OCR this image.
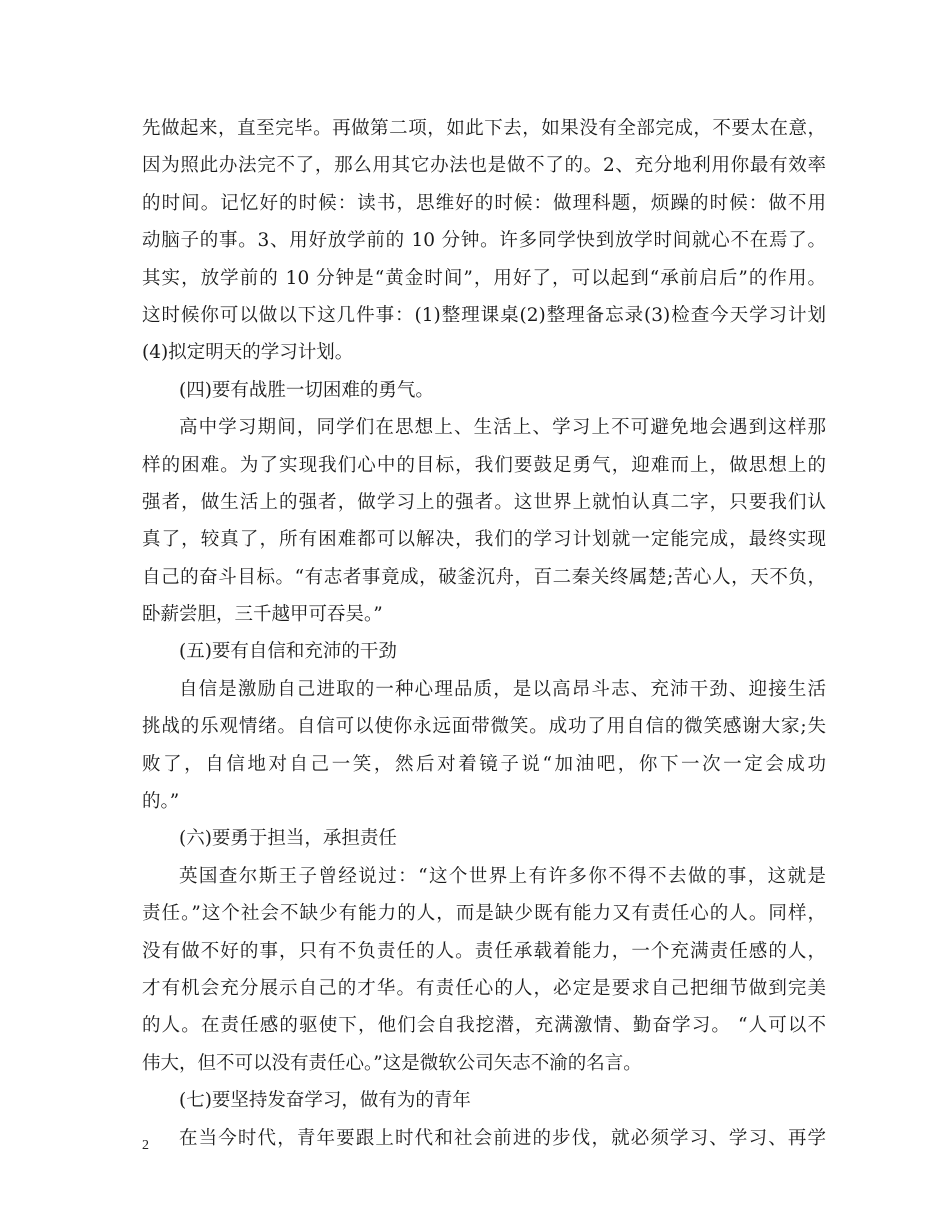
先做起来，直至完毕。再做第二项，如此下去，如果没有全部完成，不要太在意，
因为照此办法完不了，那么用其它办法也是做不了的。2、充分地利用你最有效率
的时间。记忆好的时候：读书，思维好的时候：做理科题，烦躁的时候：做不用
动脑子的事。3、用好放学前的 10 分钟。许多同学快到放学时间就心不在焉了。
其实，放学前的 10 分钟是“黄金时间”，用好了，可以起到“承前启后”的作用。
这时候你可以做以下这几件事：(1)整理课桌(2)整理备忘录(3)检查今天学习计划
(4)拟定明天的学习计划。
(四)要有战胜一切困难的勇气。
高中学习期间，同学们在思想上、生活上、学习上不可避免地会遇到这样那
样的困难。为了实现我们心中的目标，我们要鼓足勇气，迎难而上，做思想上的
强者，做生活上的强者，做学习上的强者。这世界上就怕认真二字，只要我们认
真了，较真了，所有困难都可以解决，我们的学习计划就一定能完成，最终实现
自己的奋斗目标。“有志者事竟成，破釜沉舟，百二秦关终属楚;苦心人，天不负，
卧薪尝胆，三千越甲可吞吴。”
(五)要有自信和充沛的干劲
自信是激励自己进取的一种心理品质，是以高昂斗志、充沛干劲、迎接生活
挑战的乐观情绪。自信可以使你永远面带微笑。成功了用自信的微笑感谢大家;失
败了，自信地对自己一笑，然后对着镜子说“加油吧，你下一次一定会成功
的。”
(六)要勇于担当，承担责任
英国查尔斯王子曾经说过：“这个世界上有许多你不得不去做的事，这就是
责任。”这个社会不缺少有能力的人，而是缺少既有能力又有责任心的人。同样，
没有做不好的事，只有不负责任的人。责任承载着能力，一个充满责任感的人，
才有机会充分展示自己的才华。有责任心的人，必定是要求自己把细节做到完美
的人。在责任感的驱使下，他们会自我挖潜，充满激情、勤奋学习。 “人可以不
伟大，但不可以没有责任心。”这是微软公司矢志不渝的名言。
(七)要坚持发奋学习，做有为的青年
在当今时代，青年要跟上时代和社会前进的步伐，就必须学习、学习、再学
2
